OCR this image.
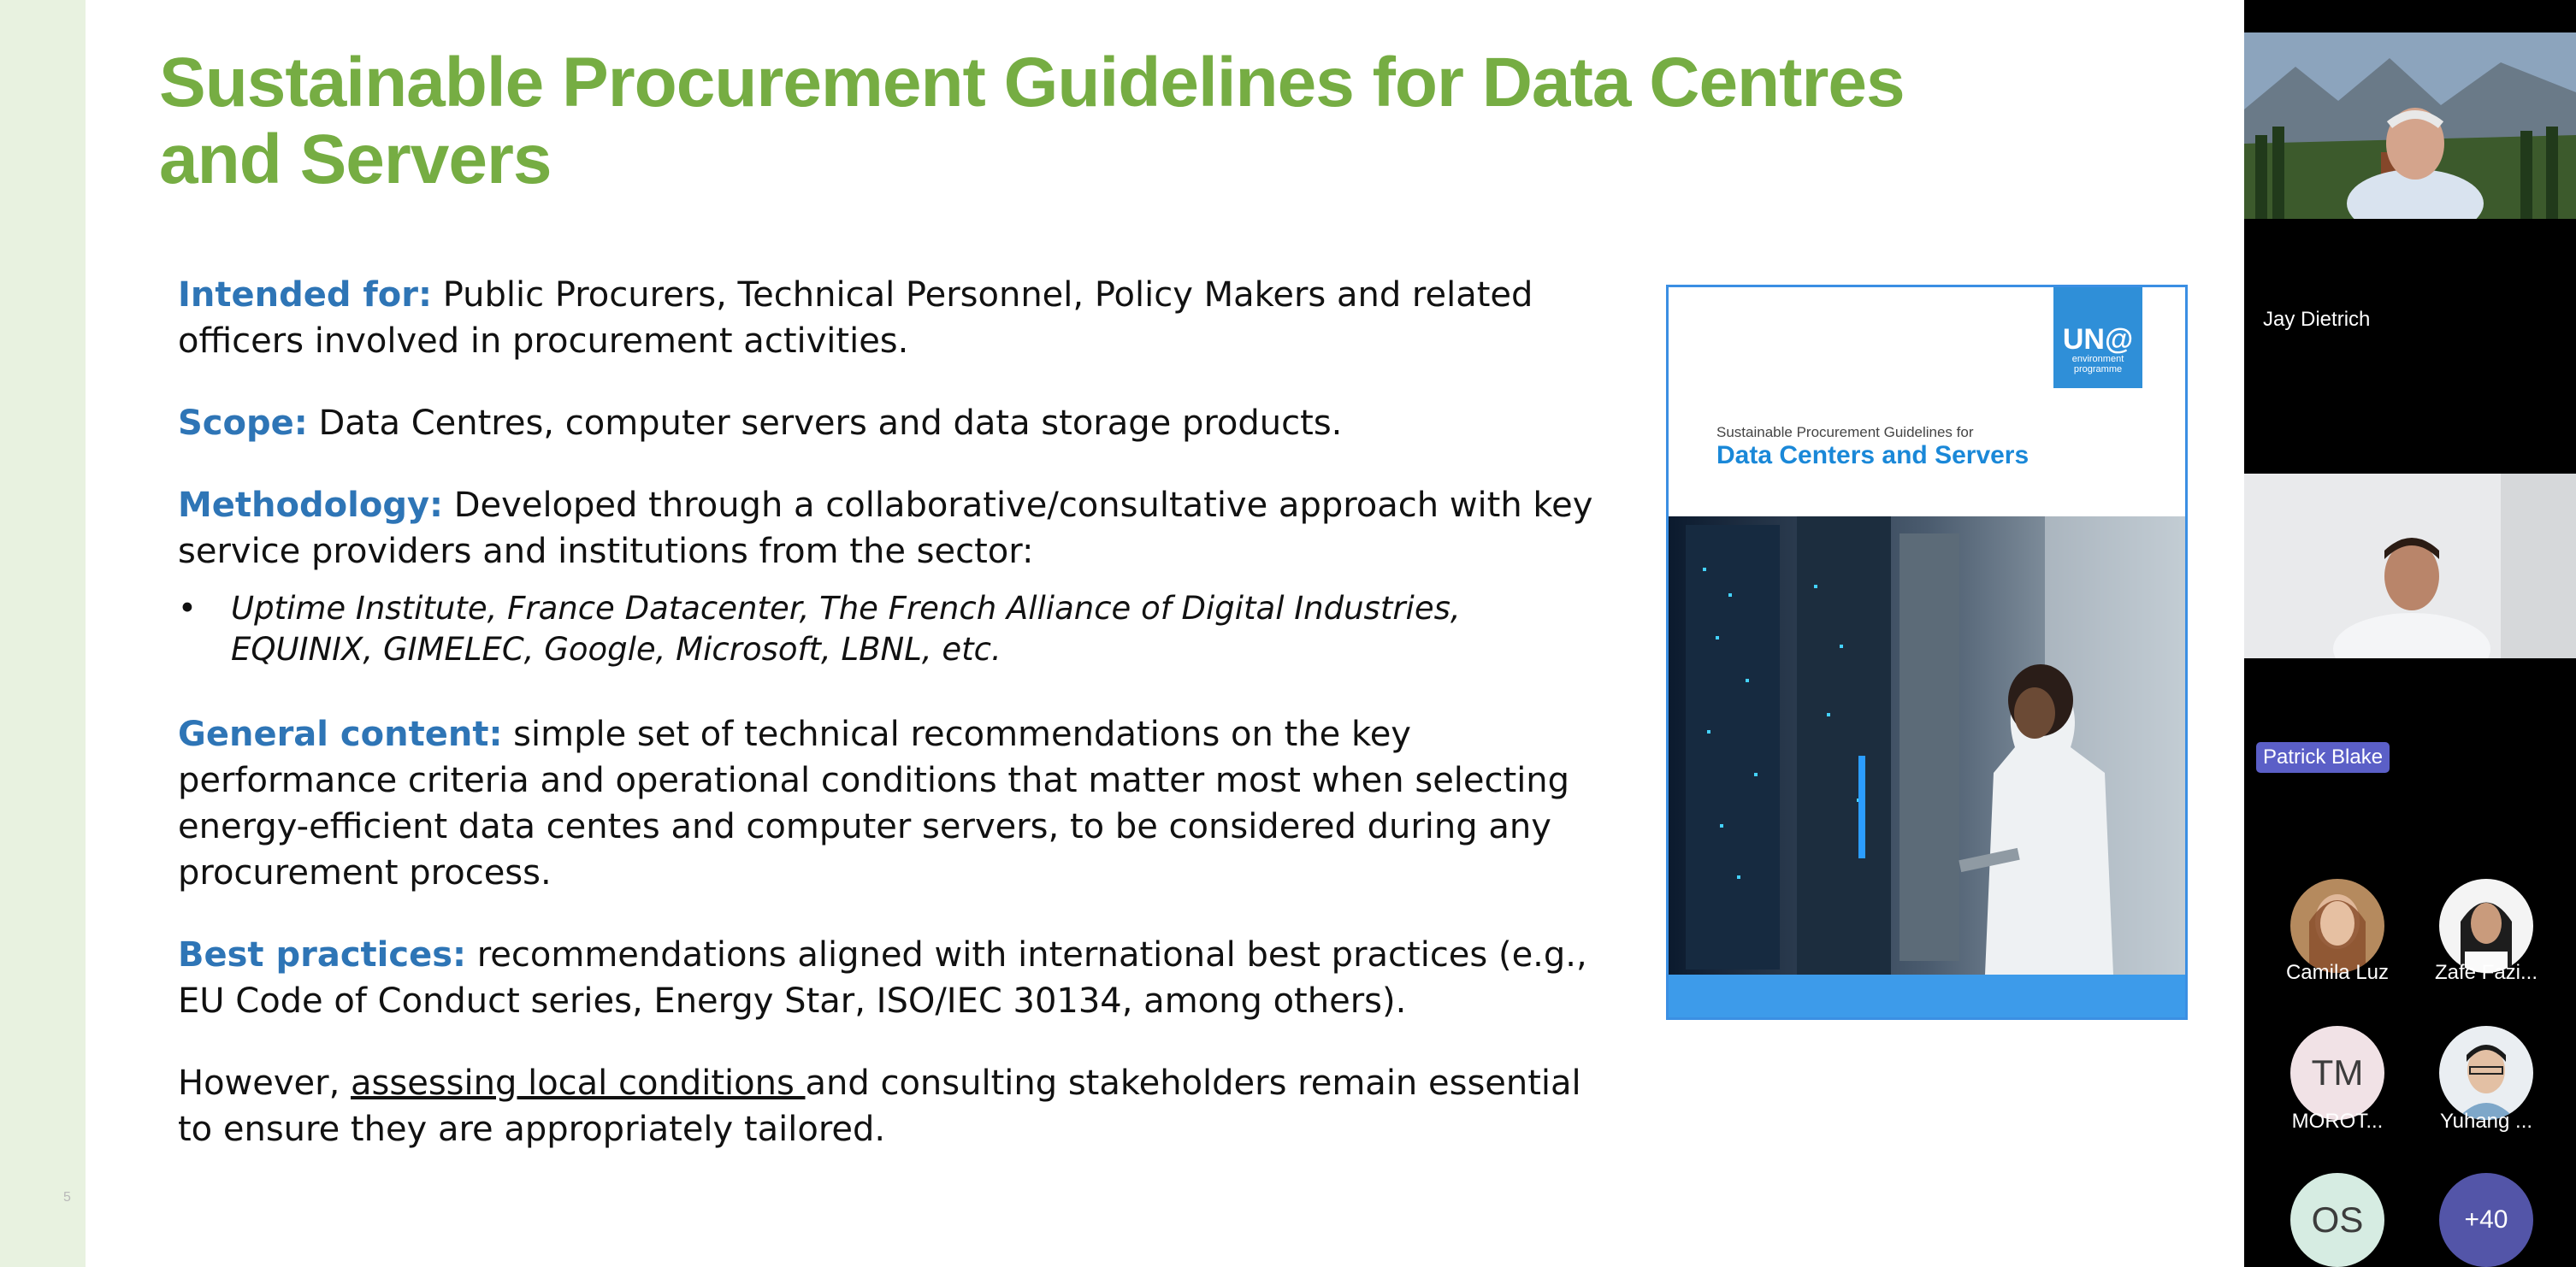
5
Sustainable Procurement Guidelines for Data Centres and Servers

Intended for: Public Procurers, Technical Personnel, Policy Makers and related officers involved in procurement activities.

Scope: Data Centres, computer servers and data storage products.

Methodology: Developed through a collaborative/consultative approach with key service providers and institutions from the sector:

• Uptime Institute, France Datacenter, The French Alliance of Digital Industries, EQUINIX, GIMELEC, Google, Microsoft, LBNL, etc.

General content: simple set of technical recommendations on the key performance criteria and operational conditions that matter most when selecting energy-efficient data centes and computer servers, to be considered during any procurement process.

Best practices: recommendations aligned with international best practices (e.g., EU Code of Conduct series, Energy Star, ISO/IEC 30134, among others).

However, assessing local conditions and consulting stakeholders remain essential to ensure they are appropriately tailored.

UN@
environment
programme
Sustainable Procurement Guidelines for
Data Centers and Servers
Jay Dietrich
Patrick Blake
Camila Luz	Zafe Fazi...
TM
MOROT...	Yuhang ...
OS	+40
